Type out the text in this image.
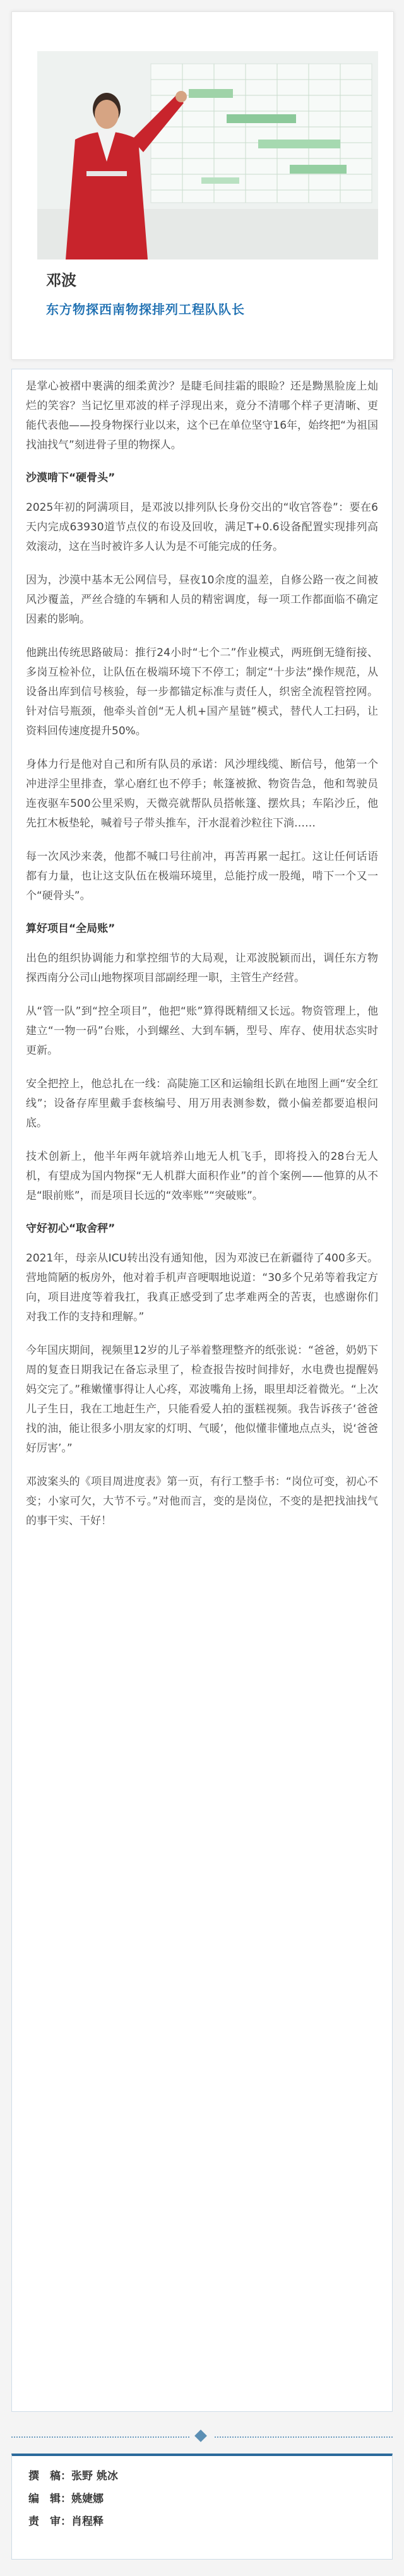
邓波
东方物探西南物探排列工程队队长

是掌心被褶中裹满的细柔黄沙？是睫毛间挂霜的眼睑？还是黝黑脸庞上灿烂的笑容？当记忆里邓波的样子浮现出来，竟分不清哪个样子更清晰、更能代表他——投身物探行业以来，这个已在单位坚守16年，始终把“为祖国找油找气”刻进骨子里的物探人。

沙漠啃下“硬骨头”

2025年初的阿满项目，是邓波以排列队长身份交出的“收官答卷”：要在6天内完成63930道节点仪的布设及回收，满足T+0.6设备配置实现排列高效滚动，这在当时被许多人认为是不可能完成的任务。

因为，沙漠中基本无公网信号，昼夜10余度的温差，自修公路一夜之间被风沙覆盖，严丝合缝的车辆和人员的精密调度，每一项工作都面临不确定因素的影响。

他跳出传统思路破局：推行24小时“七个二”作业模式，两班倒无缝衔接、多岗互检补位，让队伍在极端环境下不停工；制定“十步法”操作规范，从设备出库到信号核验，每一步都锚定标准与责任人，织密全流程管控网。针对信号瓶颈，他牵头首创“无人机+国产星链”模式，替代人工扫码，让资料回传速度提升50%。

身体力行是他对自己和所有队员的承诺：风沙埋线缆、断信号，他第一个冲进浮尘里排查，掌心磨红也不停手；帐篷被掀、物资告急，他和驾驶员连夜驱车500公里采购，天微亮就帮队员搭帐篷、摆炊具；车陷沙丘，他先扛木板垫轮，喊着号子带头推车，汗水混着沙粒往下淌……

每一次风沙来袭，他都不喊口号往前冲，再苦再累一起扛。这让任何话语都有力量，也让这支队伍在极端环境里，总能拧成一股绳，啃下一个又一个“硬骨头”。

算好项目“全局账”

出色的组织协调能力和掌控细节的大局观，让邓波脱颖而出，调任东方物探西南分公司山地物探项目部副经理一职，主管生产经营。

从“管一队”到“控全项目”，他把“账”算得既精细又长远。物资管理上，他建立“一物一码”台账，小到螺丝、大到车辆，型号、库存、使用状态实时更新。

安全把控上，他总扎在一线：高陡施工区和运输组长趴在地图上画“安全红线”；设备存库里戴手套核编号、用万用表测参数，微小偏差都要追根问底。

技术创新上，他半年两年就培养山地无人机飞手，即将投入的28台无人机，有望成为国内物探“无人机群大面积作业”的首个案例——他算的从不是“眼前账”，而是项目长远的“效率账”“突破账”。

守好初心“取舍秤”

2021年，母亲从ICU转出没有通知他，因为邓波已在新疆待了400多天。营地简陋的板房外，他对着手机声音哽咽地说道：“30多个兄弟等着我定方向，项目进度等着我扛，我真正感受到了忠孝难两全的苦衷，也感谢你们对我工作的支持和理解。”

今年国庆期间，视频里12岁的儿子举着整理整齐的纸张说：“爸爸，奶奶下周的复查日期我记在备忘录里了，检查报告按时间排好，水电费也提醒妈妈交完了。”稚嫩懂事得让人心疼，邓波嘴角上扬，眼里却泛着微光。“上次儿子生日，我在工地赶生产，只能看爱人拍的蛋糕视频。我告诉孩子‘爸爸找的油，能让很多小朋友家的灯明、气暖’，他似懂非懂地点点头，说‘爸爸好厉害’。”

邓波案头的《项目周进度表》第一页，有行工整手书：“岗位可变，初心不变；小家可欠，大节不亏。”对他而言，变的是岗位，不变的是把找油找气的事干实、干好！

撰　稿：张野 姚冰
编　辑：姚婕娜
责　审：肖程释
